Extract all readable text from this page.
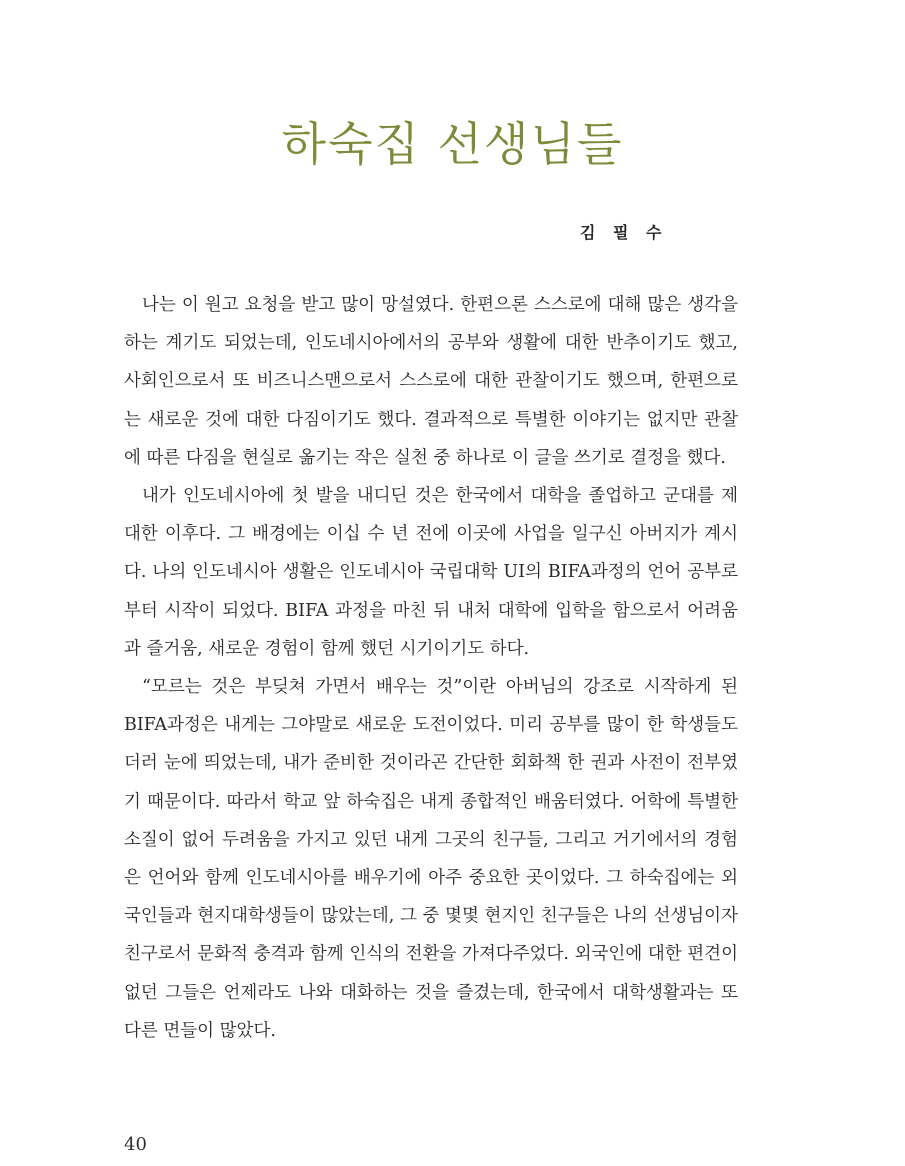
하숙집 선생님들

김 필 수

나는 이 원고 요청을 받고 많이 망설였다. 한편으론 스스로에 대해 많은 생각을 하는 계기도 되었는데, 인도네시아에서의 공부와 생활에 대한 반추이기도 했고, 사회인으로서 또 비즈니스맨으로서 스스로에 대한 관찰이기도 했으며, 한편으로는 새로운 것에 대한 다짐이기도 했다. 결과적으로 특별한 이야기는 없지만 관찰에 따른 다짐을 현실로 옮기는 작은 실천 중 하나로 이 글을 쓰기로 결정을 했다.

내가 인도네시아에 첫 발을 내디딘 것은 한국에서 대학을 졸업하고 군대를 제대한 이후다. 그 배경에는 이십 수 년 전에 이곳에 사업을 일구신 아버지가 계시다. 나의 인도네시아 생활은 인도네시아 국립대학 UI의 BIFA과정의 언어 공부로부터 시작이 되었다. BIFA 과정을 마친 뒤 내처 대학에 입학을 함으로서 어려움과 즐거움, 새로운 경험이 함께 했던 시기이기도 하다.

“모르는 것은 부딪쳐 가면서 배우는 것”이란 아버님의 강조로 시작하게 된 BIFA과정은 내게는 그야말로 새로운 도전이었다. 미리 공부를 많이 한 학생들도 더러 눈에 띄었는데, 내가 준비한 것이라곤 간단한 회화책 한 권과 사전이 전부였기 때문이다. 따라서 학교 앞 하숙집은 내게 종합적인 배움터였다. 어학에 특별한 소질이 없어 두려움을 가지고 있던 내게 그곳의 친구들, 그리고 거기에서의 경험은 언어와 함께 인도네시아를 배우기에 아주 중요한 곳이었다. 그 하숙집에는 외국인들과 현지대학생들이 많았는데, 그 중 몇몇 현지인 친구들은 나의 선생님이자 친구로서 문화적 충격과 함께 인식의 전환을 가져다주었다. 외국인에 대한 편견이 없던 그들은 언제라도 나와 대화하는 것을 즐겼는데, 한국에서 대학생활과는 또 다른 면들이 많았다.

40
